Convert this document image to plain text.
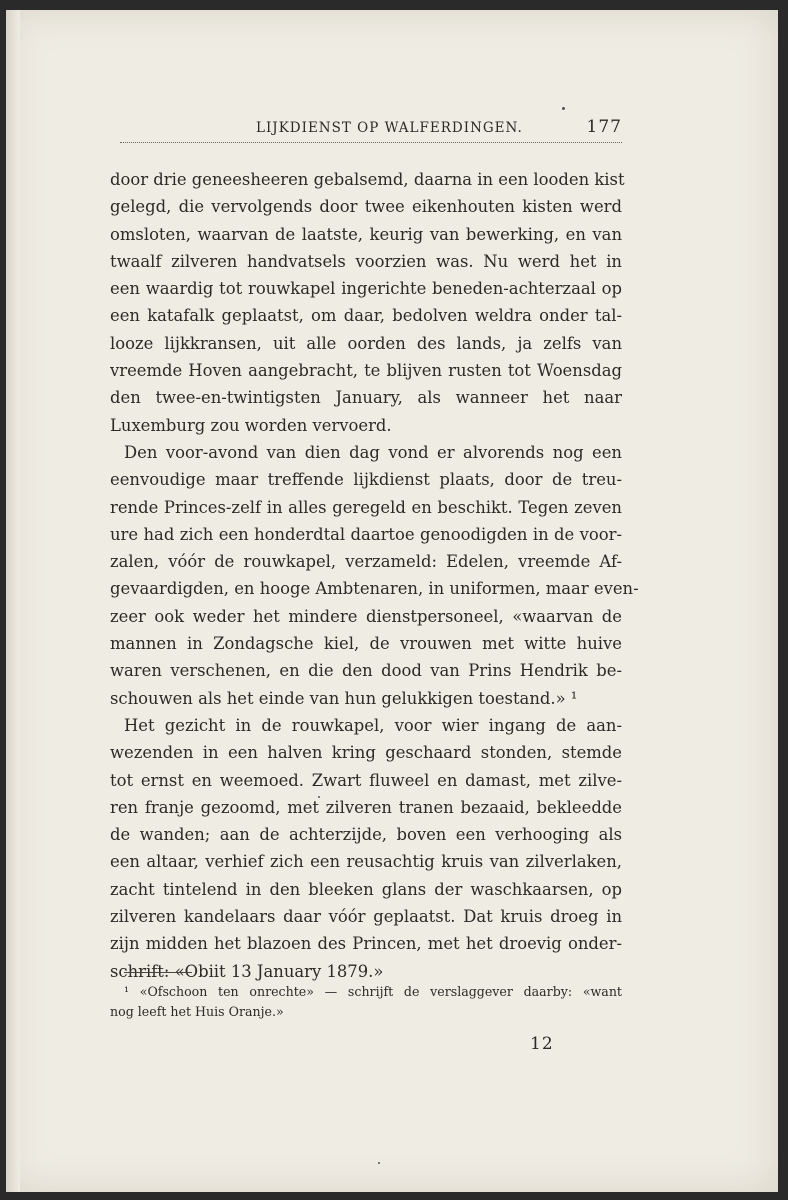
LIJKDIENST OP WALFERDINGEN.	177
door drie geneesheeren gebalsemd, daarna in een looden kist
gelegd, die vervolgends door twee eikenhouten kisten werd
omsloten, waarvan de laatste, keurig van bewerking, en van
twaalf zilveren handvatsels voorzien was. Nu werd het in
een waardig tot rouwkapel ingerichte beneden-achterzaal op
een katafalk geplaatst, om daar, bedolven weldra onder tal-
looze lijkkransen, uit alle oorden des lands, ja zelfs van
vreemde Hoven aangebracht, te blijven rusten tot Woensdag
den twee-en-twintigsten January, als wanneer het naar
Luxemburg zou worden vervoerd.
Den voor-avond van dien dag vond er alvorends nog een
eenvoudige maar treffende lijkdienst plaats, door de treu-
rende Princes-zelf in alles geregeld en beschikt. Tegen zeven
ure had zich een honderdtal daartoe genoodigden in de voor-
zalen, vóór de rouwkapel, verzameld: Edelen, vreemde Af-
gevaardigden, en hooge Ambtenaren, in uniformen, maar even-
zeer ook weder het mindere dienstpersoneel, «waarvan de
mannen in Zondagsche kiel, de vrouwen met witte huive
waren verschenen, en die den dood van Prins Hendrik be-
schouwen als het einde van hun gelukkigen toestand.» ¹
Het gezicht in de rouwkapel, voor wier ingang de aan-
wezenden in een halven kring geschaard stonden, stemde
tot ernst en weemoed. Zwart fluweel en damast, met zilve-
ren franje gezoomd, met zilveren tranen bezaaid, bekleedde
de wanden; aan de achterzijde, boven een verhooging als
een altaar, verhief zich een reusachtig kruis van zilverlaken,
zacht tintelend in den bleeken glans der waschkaarsen, op
zilveren kandelaars daar vóór geplaatst. Dat kruis droeg in
zijn midden het blazoen des Princen, met het droevig onder-
schrift: «Obiit 13 January 1879.»
¹ «Ofschoon ten onrechte» — schrijft de verslaggever daarby: «want
nog leeft het Huis Oranje.»
12
